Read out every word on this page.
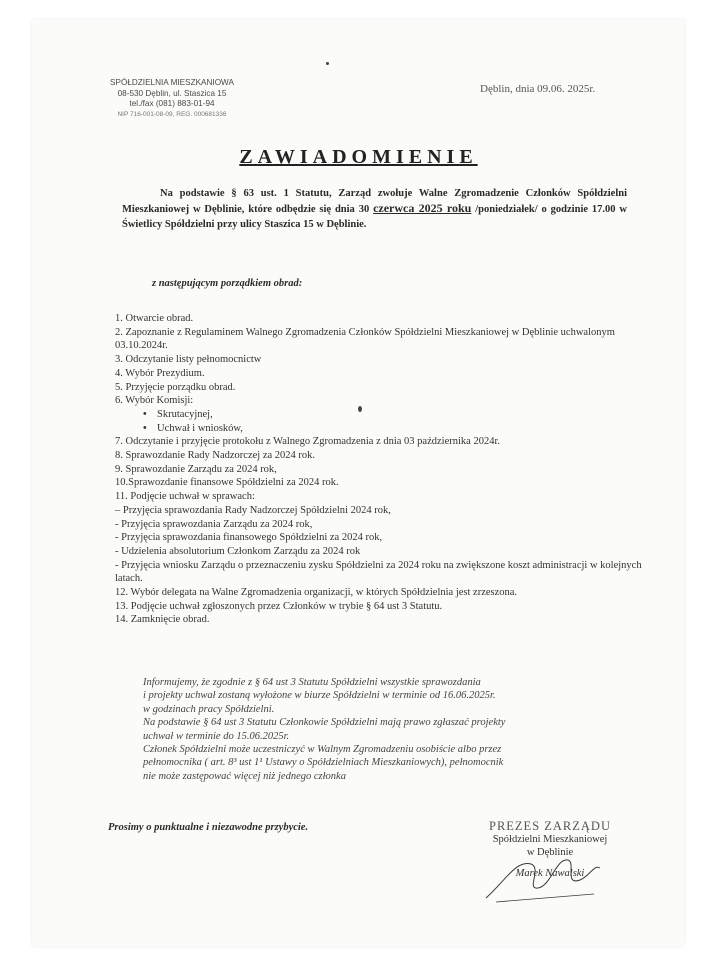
SPÓŁDZIELNIA MIESZKANIOWA
08-530 Dęblin, ul. Staszica 15
tel./fax (081) 883-01-94
NIP 716-001-08-09, REG. 000681336
Dęblin, dnia 09.06. 2025r.
ZAWIADOMIENIE

Na podstawie § 63 ust. 1 Statutu, Zarząd zwołuje Walne Zgromadzenie Członków Spółdzielni Mieszkaniowej w Dęblinie, które odbędzie się dnia 30 czerwca 2025 roku /poniedziałek/ o godzinie 17.00 w Świetlicy Spółdzielni przy ulicy Staszica 15 w Dęblinie.

z następującym porządkiem obrad:
1. Otwarcie obrad.
2. Zapoznanie z Regulaminem Walnego Zgromadzenia Członków Spółdzielni Mieszkaniowej w Dęblinie uchwalonym 03.10.2024r.
3. Odczytanie listy pełnomocnictw
4. Wybór Prezydium.
5. Przyjęcie porządku obrad.
6. Wybór Komisji:
• Skrutacyjnej,
• Uchwał i wniosków,
7. Odczytanie i przyjęcie protokołu z Walnego Zgromadzenia z dnia 03 października 2024r.
8. Sprawozdanie Rady Nadzorczej za 2024 rok.
9. Sprawozdanie Zarządu za 2024 rok,
10.Sprawozdanie finansowe Spółdzielni za 2024 rok.
11. Podjęcie uchwał w sprawach:
– Przyjęcia sprawozdania Rady Nadzorczej Spółdzielni 2024 rok,
- Przyjęcia sprawozdania Zarządu za 2024 rok,
- Przyjęcia sprawozdania finansowego Spółdzielni za 2024 rok,
- Udzielenia absolutorium Członkom Zarządu za 2024 rok
- Przyjęcia wniosku Zarządu o przeznaczeniu zysku Spółdzielni za 2024 roku na zwiększone koszt administracji w kolejnych latach.
12. Wybór delegata na Walne Zgromadzenia organizacji, w których Spółdzielnia jest zrzeszona.
13. Podjęcie uchwał zgłoszonych przez Członków w trybie § 64 ust 3 Statutu.
14. Zamknięcie obrad.
Informujemy, że zgodnie z § 64 ust 3 Statutu Spółdzielni wszystkie sprawozdania
i projekty uchwał zostaną wyłożone w biurze Spółdzielni w terminie od 16.06.2025r.
w godzinach pracy Spółdzielni.
Na podstawie § 64 ust 3 Statutu Członkowie Spółdzielni mają prawo zgłaszać projekty
uchwał w terminie do 15.06.2025r.
Członek Spółdzielni może uczestniczyć w Walnym Zgromadzeniu osobiście albo przez
pełnomocnika ( art. 8³ ust 1¹ Ustawy o Spółdzielniach Mieszkaniowych), pełnomocnik
nie może zastępować więcej niż jednego członka
Prosimy o punktualne i niezawodne przybycie.	PREZES ZARZĄDU
Spółdzielni Mieszkaniowej
w Dęblinie
Marek Nawalski
